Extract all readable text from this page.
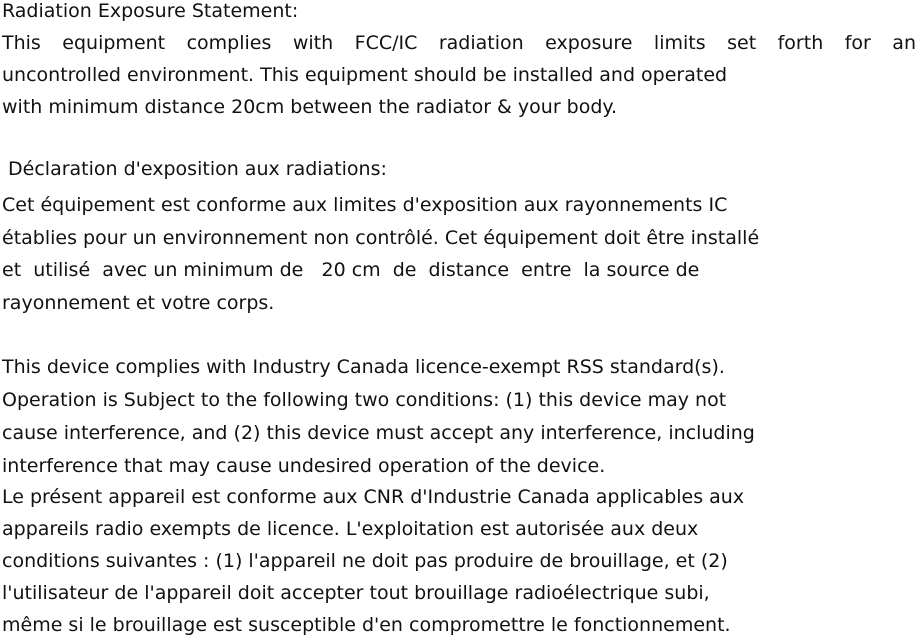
Radiation Exposure Statement:
This equipment complies with FCC/IC radiation exposure limits set forth for an
uncontrolled environment. This equipment should be installed and operated
with minimum distance 20cm between the radiator & your body.
Déclaration d'exposition aux radiations:
Cet équipement est conforme aux limites d'exposition aux rayonnements IC
établies pour un environnement non contrôlé. Cet équipement doit être installé
et  utilisé  avec un minimum de   20 cm  de  distance  entre  la source de
rayonnement et votre corps.
This device complies with Industry Canada licence-exempt RSS standard(s).
Operation is Subject to the following two conditions: (1) this device may not
cause interference, and (2) this device must accept any interference, including
interference that may cause undesired operation of the device.
Le présent appareil est conforme aux CNR d'Industrie Canada applicables aux
appareils radio exempts de licence. L'exploitation est autorisée aux deux
conditions suivantes : (1) l'appareil ne doit pas produire de brouillage, et (2)
l'utilisateur de l'appareil doit accepter tout brouillage radioélectrique subi,
même si le brouillage est susceptible d'en compromettre le fonctionnement.
